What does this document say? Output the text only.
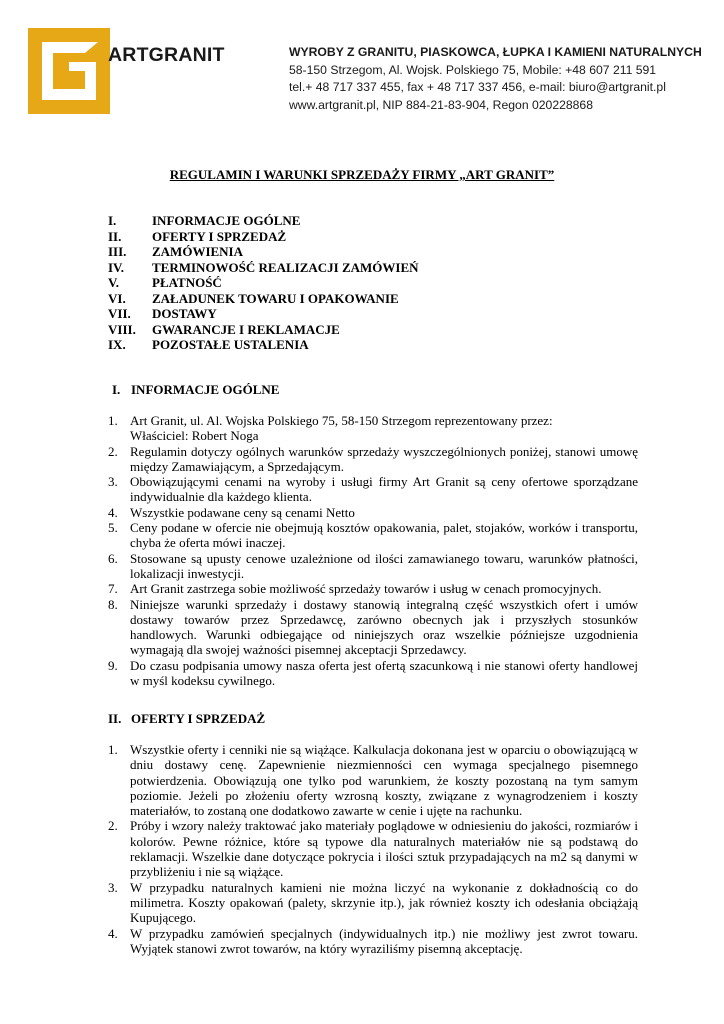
ARTGRANIT	WYROBY Z GRANITU, PIASKOWCA, ŁUPKA I KAMIENI NATURALNYCH
58-150 Strzegom, Al. Wojsk. Polskiego 75, Mobile: +48 607 211 591
tel.+ 48 717 337 455, fax + 48 717 337 456, e-mail: biuro@artgranit.pl
www.artgranit.pl, NIP 884-21-83-904, Regon 020228868
REGULAMIN I WARUNKI SPRZEDAŻY FIRMY „ART GRANIT”
I.	INFORMACJE OGÓLNE
II.	OFERTY I SPRZEDAŻ
III.	ZAMÓWIENIA
IV.	TERMINOWOŚĆ REALIZACJI ZAMÓWIEŃ
V.	PŁATNOŚĆ
VI.	ZAŁADUNEK TOWARU I OPAKOWANIE
VII.	DOSTAWY
VIII.	GWARANCJE I REKLAMACJE
IX.	POZOSTAŁE USTALENIA
I. INFORMACJE OGÓLNE
1. Art Granit, ul. Al. Wojska Polskiego 75, 58-150 Strzegom reprezentowany przez:
Właściciel: Robert Noga
2. Regulamin dotyczy ogólnych warunków sprzedaży wyszczególnionych poniżej, stanowi umowę między Zamawiającym, a Sprzedającym.
3. Obowiązującymi cenami na wyroby i usługi firmy Art Granit są ceny ofertowe sporządzane indywidualnie dla każdego klienta.
4. Wszystkie podawane ceny są cenami Netto
5. Ceny podane w ofercie nie obejmują kosztów opakowania, palet, stojaków, worków i transportu, chyba że oferta mówi inaczej.
6. Stosowane są upusty cenowe uzależnione od ilości zamawianego towaru, warunków płatności, lokalizacji inwestycji.
7. Art Granit zastrzega sobie możliwość sprzedaży towarów i usług w cenach promocyjnych.
8. Niniejsze warunki sprzedaży i dostawy stanowią integralną część wszystkich ofert i umów dostawy towarów przez Sprzedawcę, zarówno obecnych jak i przyszłych stosunków handlowych. Warunki odbiegające od niniejszych oraz wszelkie późniejsze uzgodnienia wymagają dla swojej ważności pisemnej akceptacji Sprzedawcy.
9. Do czasu podpisania umowy nasza oferta jest ofertą szacunkową i nie stanowi oferty handlowej w myśl kodeksu cywilnego.
II. OFERTY I SPRZEDAŻ
1. Wszystkie oferty i cenniki nie są wiążące. Kalkulacja dokonana jest w oparciu o obowiązującą w dniu dostawy cenę. Zapewnienie niezmienności cen wymaga specjalnego pisemnego potwierdzenia. Obowiązują one tylko pod warunkiem, że koszty pozostaną na tym samym poziomie. Jeżeli po złożeniu oferty wzrosną koszty, związane z wynagrodzeniem i koszty materiałów, to zostaną one dodatkowo zawarte w cenie i ujęte na rachunku.
2. Próby i wzory należy traktować jako materiały poglądowe w odniesieniu do jakości, rozmiarów i kolorów. Pewne różnice, które są typowe dla naturalnych materiałów nie są podstawą do reklamacji. Wszelkie dane dotyczące pokrycia i ilości sztuk przypadających na m2 są danymi w przybliżeniu i nie są wiążące.
3. W przypadku naturalnych kamieni nie można liczyć na wykonanie z dokładnością co do milimetra. Koszty opakowań (palety, skrzynie itp.), jak również koszty ich odesłania obciążają Kupującego.
4. W przypadku zamówień specjalnych (indywidualnych itp.) nie możliwy jest zwrot towaru. Wyjątek stanowi zwrot towarów, na który wyraziliśmy pisemną akceptację.
